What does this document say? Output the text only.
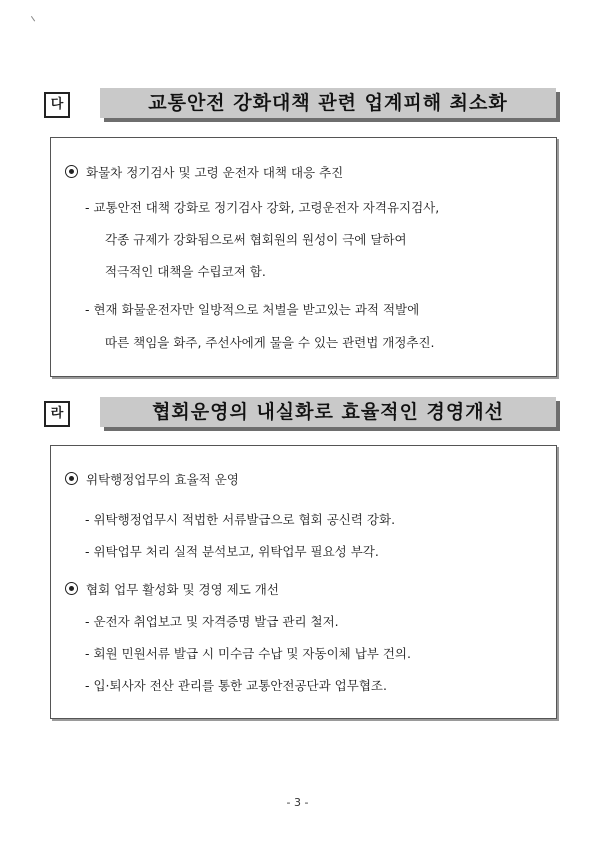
다	교통안전 강화대책 관련 업계피해 최소화
화물차 정기검사 및 고령 운전자 대책 대응 추진
- 교통안전 대책 강화로 정기검사 강화, 고령운전자 자격유지검사,
각종 규제가 강화됨으로써 협회원의 원성이 극에 달하여
적극적인 대책을 수립코져 함.
- 현재 화물운전자만 일방적으로 처벌을 받고있는 과적 적발에
따른 책임을 화주, 주선사에게 물을 수 있는 관련법 개정추진.
라	협회운영의 내실화로 효율적인 경영개선
위탁행정업무의 효율적 운영
- 위탁행정업무시 적법한 서류발급으로 협회 공신력 강화.
- 위탁업무 처리 실적 분석보고, 위탁업무 필요성 부각.
협회 업무 활성화 및 경영 제도 개선
- 운전자 취업보고 및 자격증명 발급 관리 철저.
- 회원 민원서류 발급 시 미수금 수납 및 자동이체 납부 건의.
- 입·퇴사자 전산 관리를 통한 교통안전공단과 업무협조.
- 3 -
